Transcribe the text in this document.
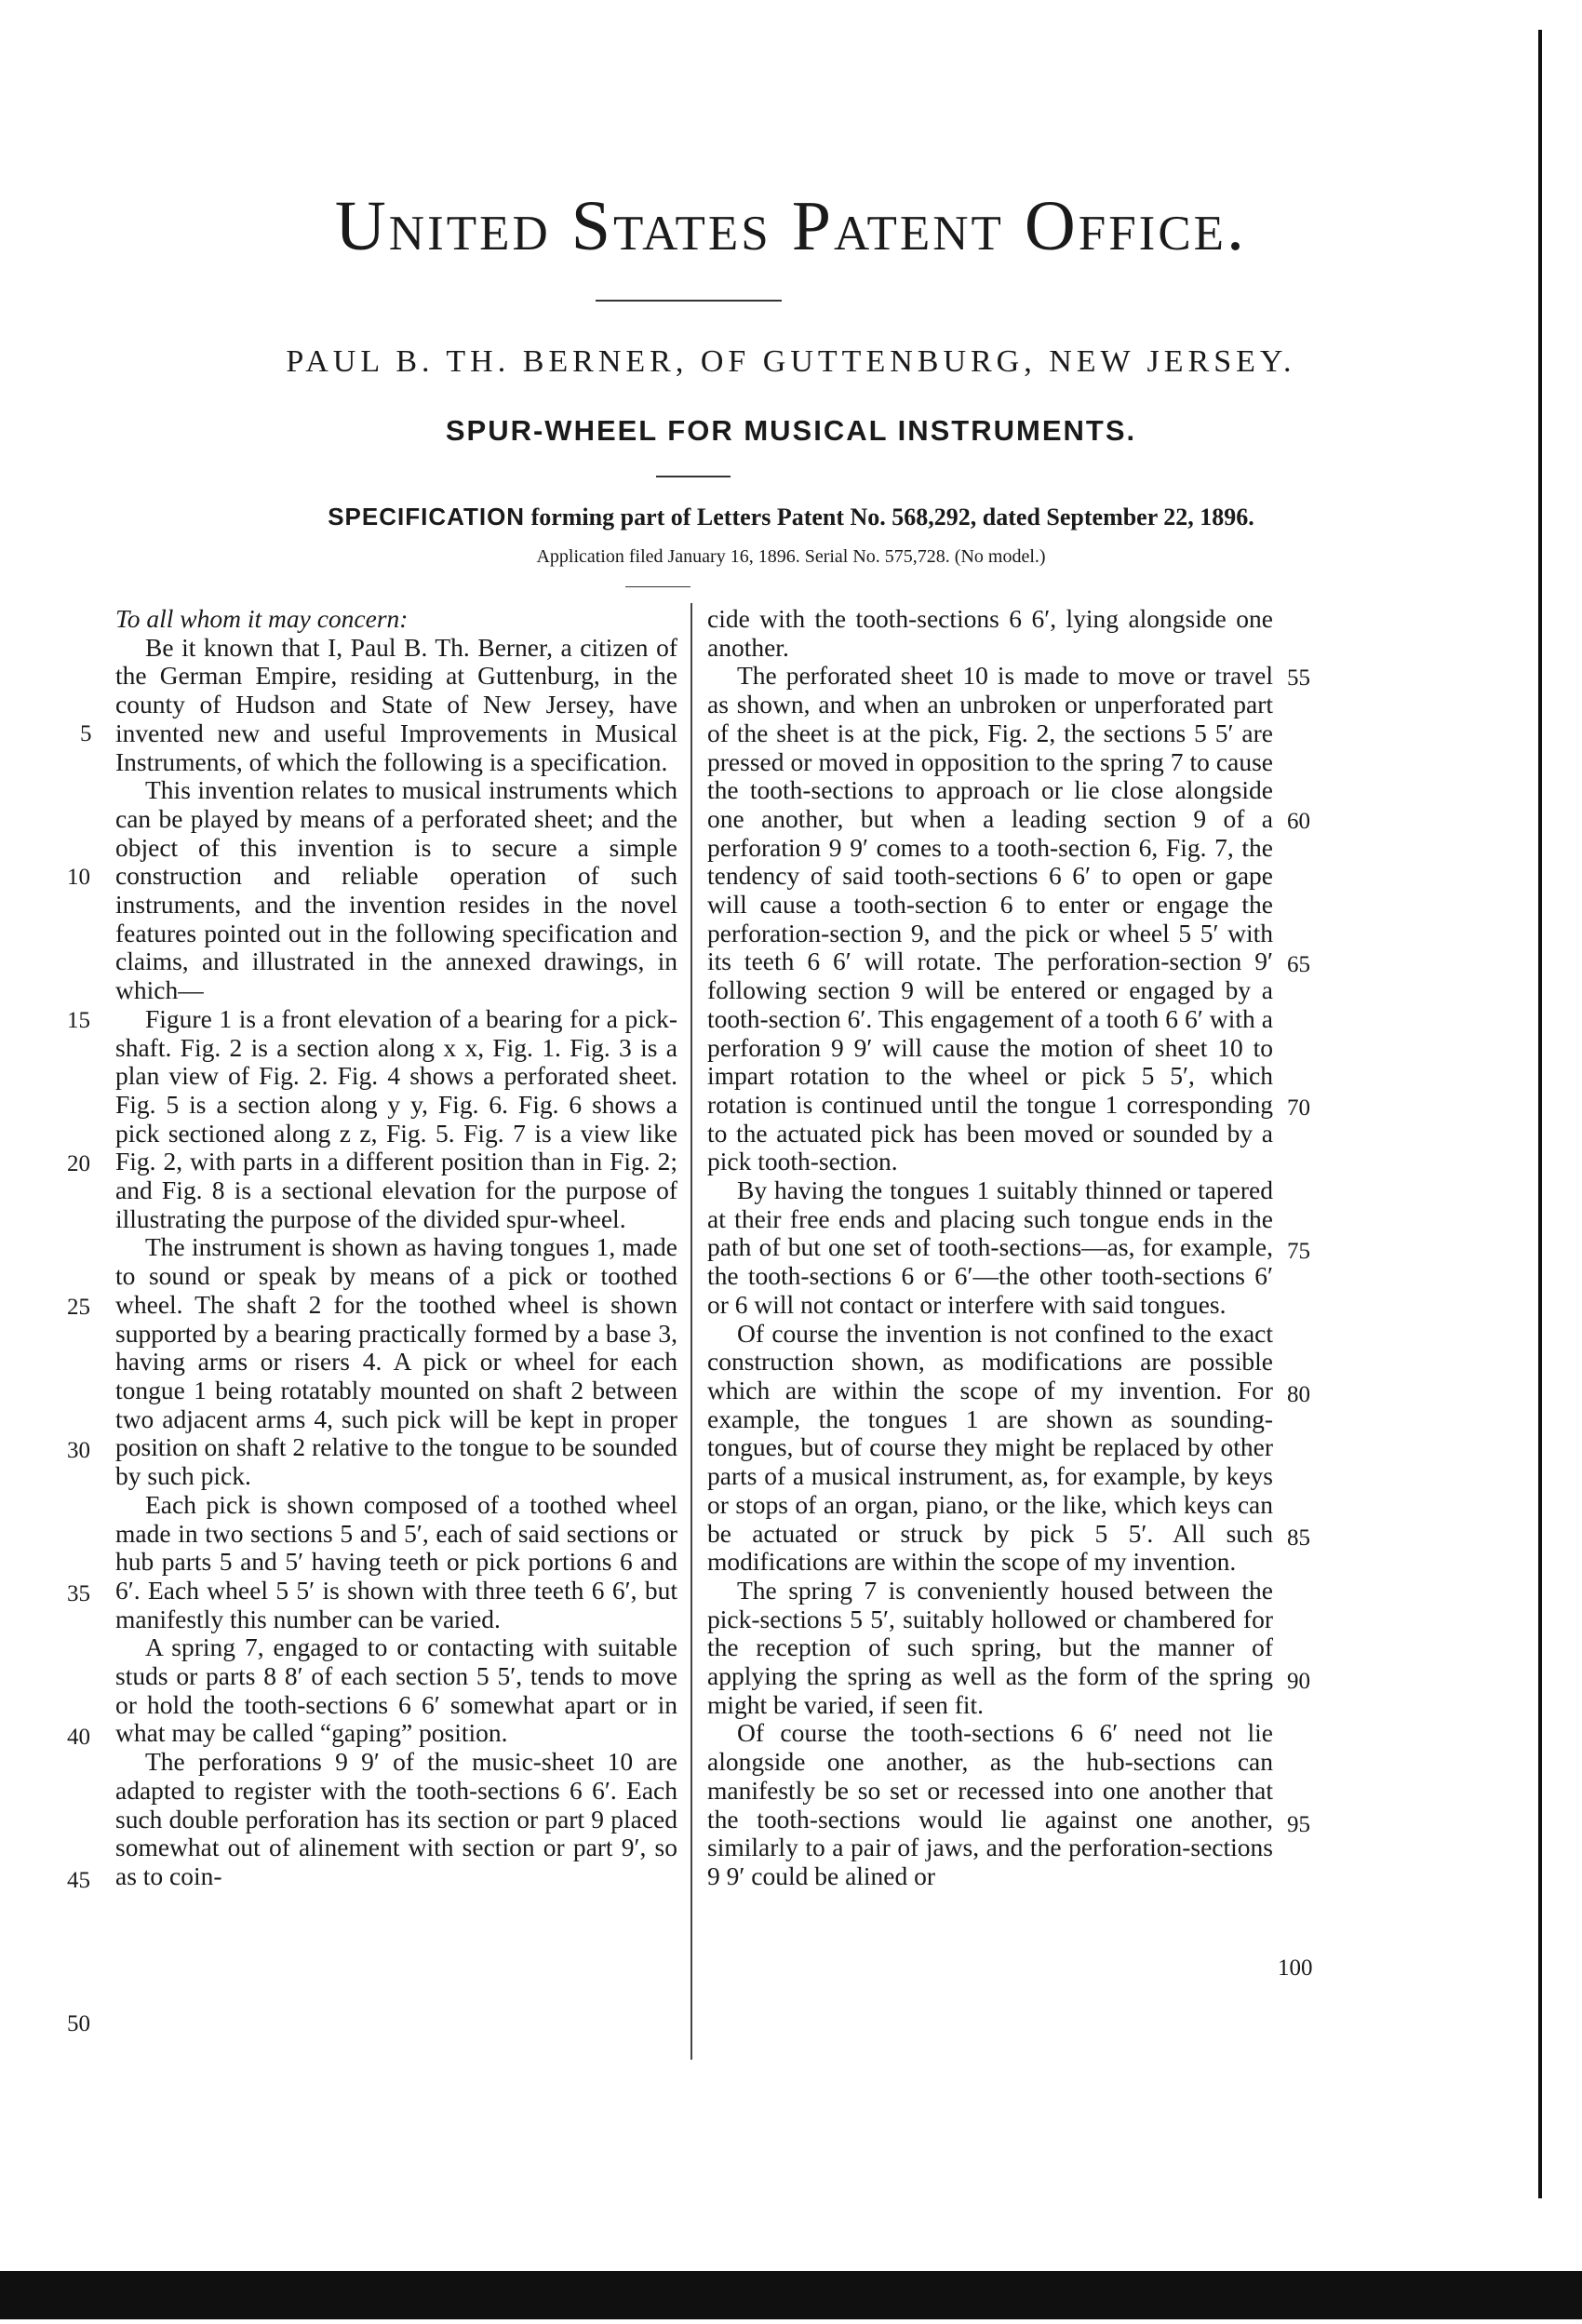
United States Patent Office.
PAUL B. TH. BERNER, OF GUTTENBURG, NEW JERSEY.
SPUR-WHEEL FOR MUSICAL INSTRUMENTS.
SPECIFICATION forming part of Letters Patent No. 568,292, dated September 22, 1896.
Application filed January 16, 1896. Serial No. 575,728. (No model.)

To all whom it may concern:

Be it known that I, Paul B. Th. Berner, a citizen of the German Empire, residing at Guttenburg, in the county of Hudson and State of New Jersey, have invented new and useful Improvements in Musical Instruments, of which the following is a specification.

This invention relates to musical instruments which can be played by means of a perforated sheet; and the object of this invention is to secure a simple construction and reliable operation of such instruments, and the invention resides in the novel features pointed out in the following specification and claims, and illustrated in the annexed drawings, in which—

Figure 1 is a front elevation of a bearing for a pick-shaft. Fig. 2 is a section along x x, Fig. 1. Fig. 3 is a plan view of Fig. 2. Fig. 4 shows a perforated sheet. Fig. 5 is a section along y y, Fig. 6. Fig. 6 shows a pick sectioned along z z, Fig. 5. Fig. 7 is a view like Fig. 2, with parts in a different position than in Fig. 2; and Fig. 8 is a sectional elevation for the purpose of illustrating the purpose of the divided spur-wheel.

The instrument is shown as having tongues 1, made to sound or speak by means of a pick or toothed wheel. The shaft 2 for the toothed wheel is shown supported by a bearing practically formed by a base 3, having arms or risers 4. A pick or wheel for each tongue 1 being rotatably mounted on shaft 2 between two adjacent arms 4, such pick will be kept in proper position on shaft 2 relative to the tongue to be sounded by such pick.

Each pick is shown composed of a toothed wheel made in two sections 5 and 5′, each of said sections or hub parts 5 and 5′ having teeth or pick portions 6 and 6′. Each wheel 5 5′ is shown with three teeth 6 6′, but manifestly this number can be varied.

A spring 7, engaged to or contacting with suitable studs or parts 8 8′ of each section 5 5′, tends to move or hold the tooth-sections 6 6′ somewhat apart or in what may be called “gaping” position.

The perforations 9 9′ of the music-sheet 10 are adapted to register with the tooth-sections 6 6′. Each such double perforation has its section or part 9 placed somewhat out of alinement with section or part 9′, so as to coin-

cide with the tooth-sections 6 6′, lying alongside one another.

The perforated sheet 10 is made to move or travel as shown, and when an unbroken or unperforated part of the sheet is at the pick, Fig. 2, the sections 5 5′ are pressed or moved in opposition to the spring 7 to cause the tooth-sections to approach or lie close alongside one another, but when a leading section 9 of a perforation 9 9′ comes to a tooth-section 6, Fig. 7, the tendency of said tooth-sections 6 6′ to open or gape will cause a tooth-section 6 to enter or engage the perforation-section 9, and the pick or wheel 5 5′ with its teeth 6 6′ will rotate. The perforation-section 9′ following section 9 will be entered or engaged by a tooth-section 6′. This engagement of a tooth 6 6′ with a perforation 9 9′ will cause the motion of sheet 10 to impart rotation to the wheel or pick 5 5′, which rotation is continued until the tongue 1 corresponding to the actuated pick has been moved or sounded by a pick tooth-section.

By having the tongues 1 suitably thinned or tapered at their free ends and placing such tongue ends in the path of but one set of tooth-sections—as, for example, the tooth-sections 6 or 6′—the other tooth-sections 6′ or 6 will not contact or interfere with said tongues.

Of course the invention is not confined to the exact construction shown, as modifications are possible which are within the scope of my invention. For example, the tongues 1 are shown as sounding-tongues, but of course they might be replaced by other parts of a musical instrument, as, for example, by keys or stops of an organ, piano, or the like, which keys can be actuated or struck by pick 5 5′. All such modifications are within the scope of my invention.

The spring 7 is conveniently housed between the pick-sections 5 5′, suitably hollowed or chambered for the reception of such spring, but the manner of applying the spring as well as the form of the spring might be varied, if seen fit.

Of course the tooth-sections 6 6′ need not lie alongside one another, as the hub-sections can manifestly be so set or recessed into one another that the tooth-sections would lie against one another, similarly to a pair of jaws, and the perforation-sections 9 9′ could be alined or

5
10
15
20
25
30
35
40
45
50
55
60
65
70
75
80
85
90
95
100
